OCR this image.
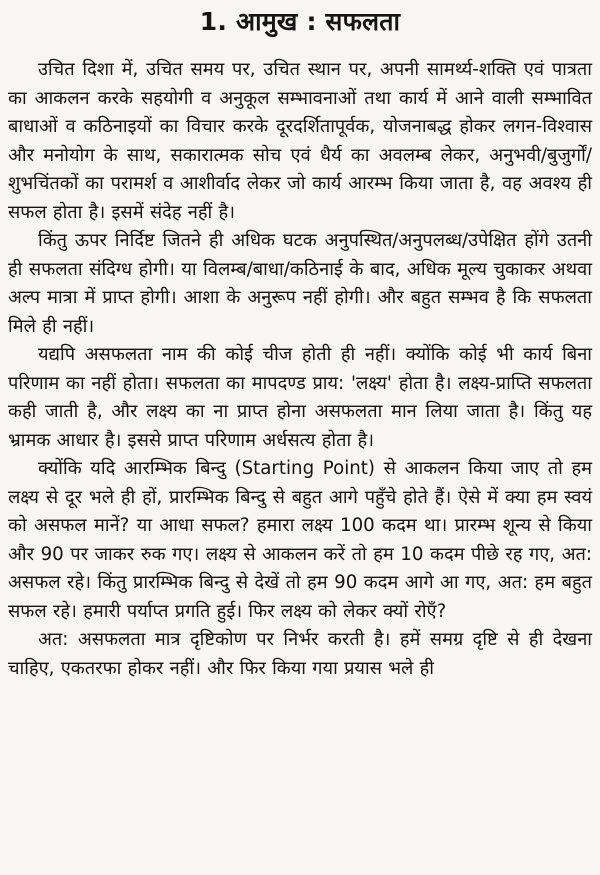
1. आमुख : सफलता

उचित दिशा में, उचित समय पर, उचित स्थान पर, अपनी सामर्थ्य-शक्ति एवं पात्रता का आकलन करके सहयोगी व अनुकूल सम्भावनाओं तथा कार्य में आने वाली सम्भावित बाधाओं व कठिनाइयों का विचार करके दूरदर्शितापूर्वक, योजनाबद्ध होकर लगन-विश्वास और मनोयोग के साथ, सकारात्मक सोच एवं धैर्य का अवलम्ब लेकर, अनुभवी/बुजुर्गों/शुभचिंतकों का परामर्श व आशीर्वाद लेकर जो कार्य आरम्भ किया जाता है, वह अवश्य ही सफल होता है। इसमें संदेह नहीं है।

किंतु ऊपर निर्दिष्ट जितने ही अधिक घटक अनुपस्थित/अनुपलब्ध/उपेक्षित होंगे उतनी ही सफलता संदिग्ध होगी। या विलम्ब/बाधा/कठिनाई के बाद, अधिक मूल्य चुकाकर अथवा अल्प मात्रा में प्राप्त होगी। आशा के अनुरूप नहीं होगी। और बहुत सम्भव है कि सफलता मिले ही नहीं।

यद्यपि असफलता नाम की कोई चीज होती ही नहीं। क्योंकि कोई भी कार्य बिना परिणाम का नहीं होता। सफलता का मापदण्ड प्राय: 'लक्ष्य' होता है। लक्ष्य-प्राप्ति सफलता कही जाती है, और लक्ष्य का ना प्राप्त होना असफलता मान लिया जाता है। किंतु यह भ्रामक आधार है। इससे प्राप्त परिणाम अर्धसत्य होता है।

क्योंकि यदि आरम्भिक बिन्दु (Starting Point) से आकलन किया जाए तो हम लक्ष्य से दूर भले ही हों, प्रारम्भिक बिन्दु से बहुत आगे पहुँचे होते हैं। ऐसे में क्या हम स्वयं को असफल मानें? या आधा सफल? हमारा लक्ष्य 100 कदम था। प्रारम्भ शून्य से किया और 90 पर जाकर रुक गए। लक्ष्य से आकलन करें तो हम 10 कदम पीछे रह गए, अत: असफल रहे। किंतु प्रारम्भिक बिन्दु से देखें तो हम 90 कदम आगे आ गए, अत: हम बहुत सफल रहे। हमारी पर्याप्त प्रगति हुई। फिर लक्ष्य को लेकर क्यों रोएँ?

अत: असफलता मात्र दृष्टिकोण पर निर्भर करती है। हमें समग्र दृष्टि से ही देखना चाहिए, एकतरफा होकर नहीं। और फिर किया गया प्रयास भले ही
